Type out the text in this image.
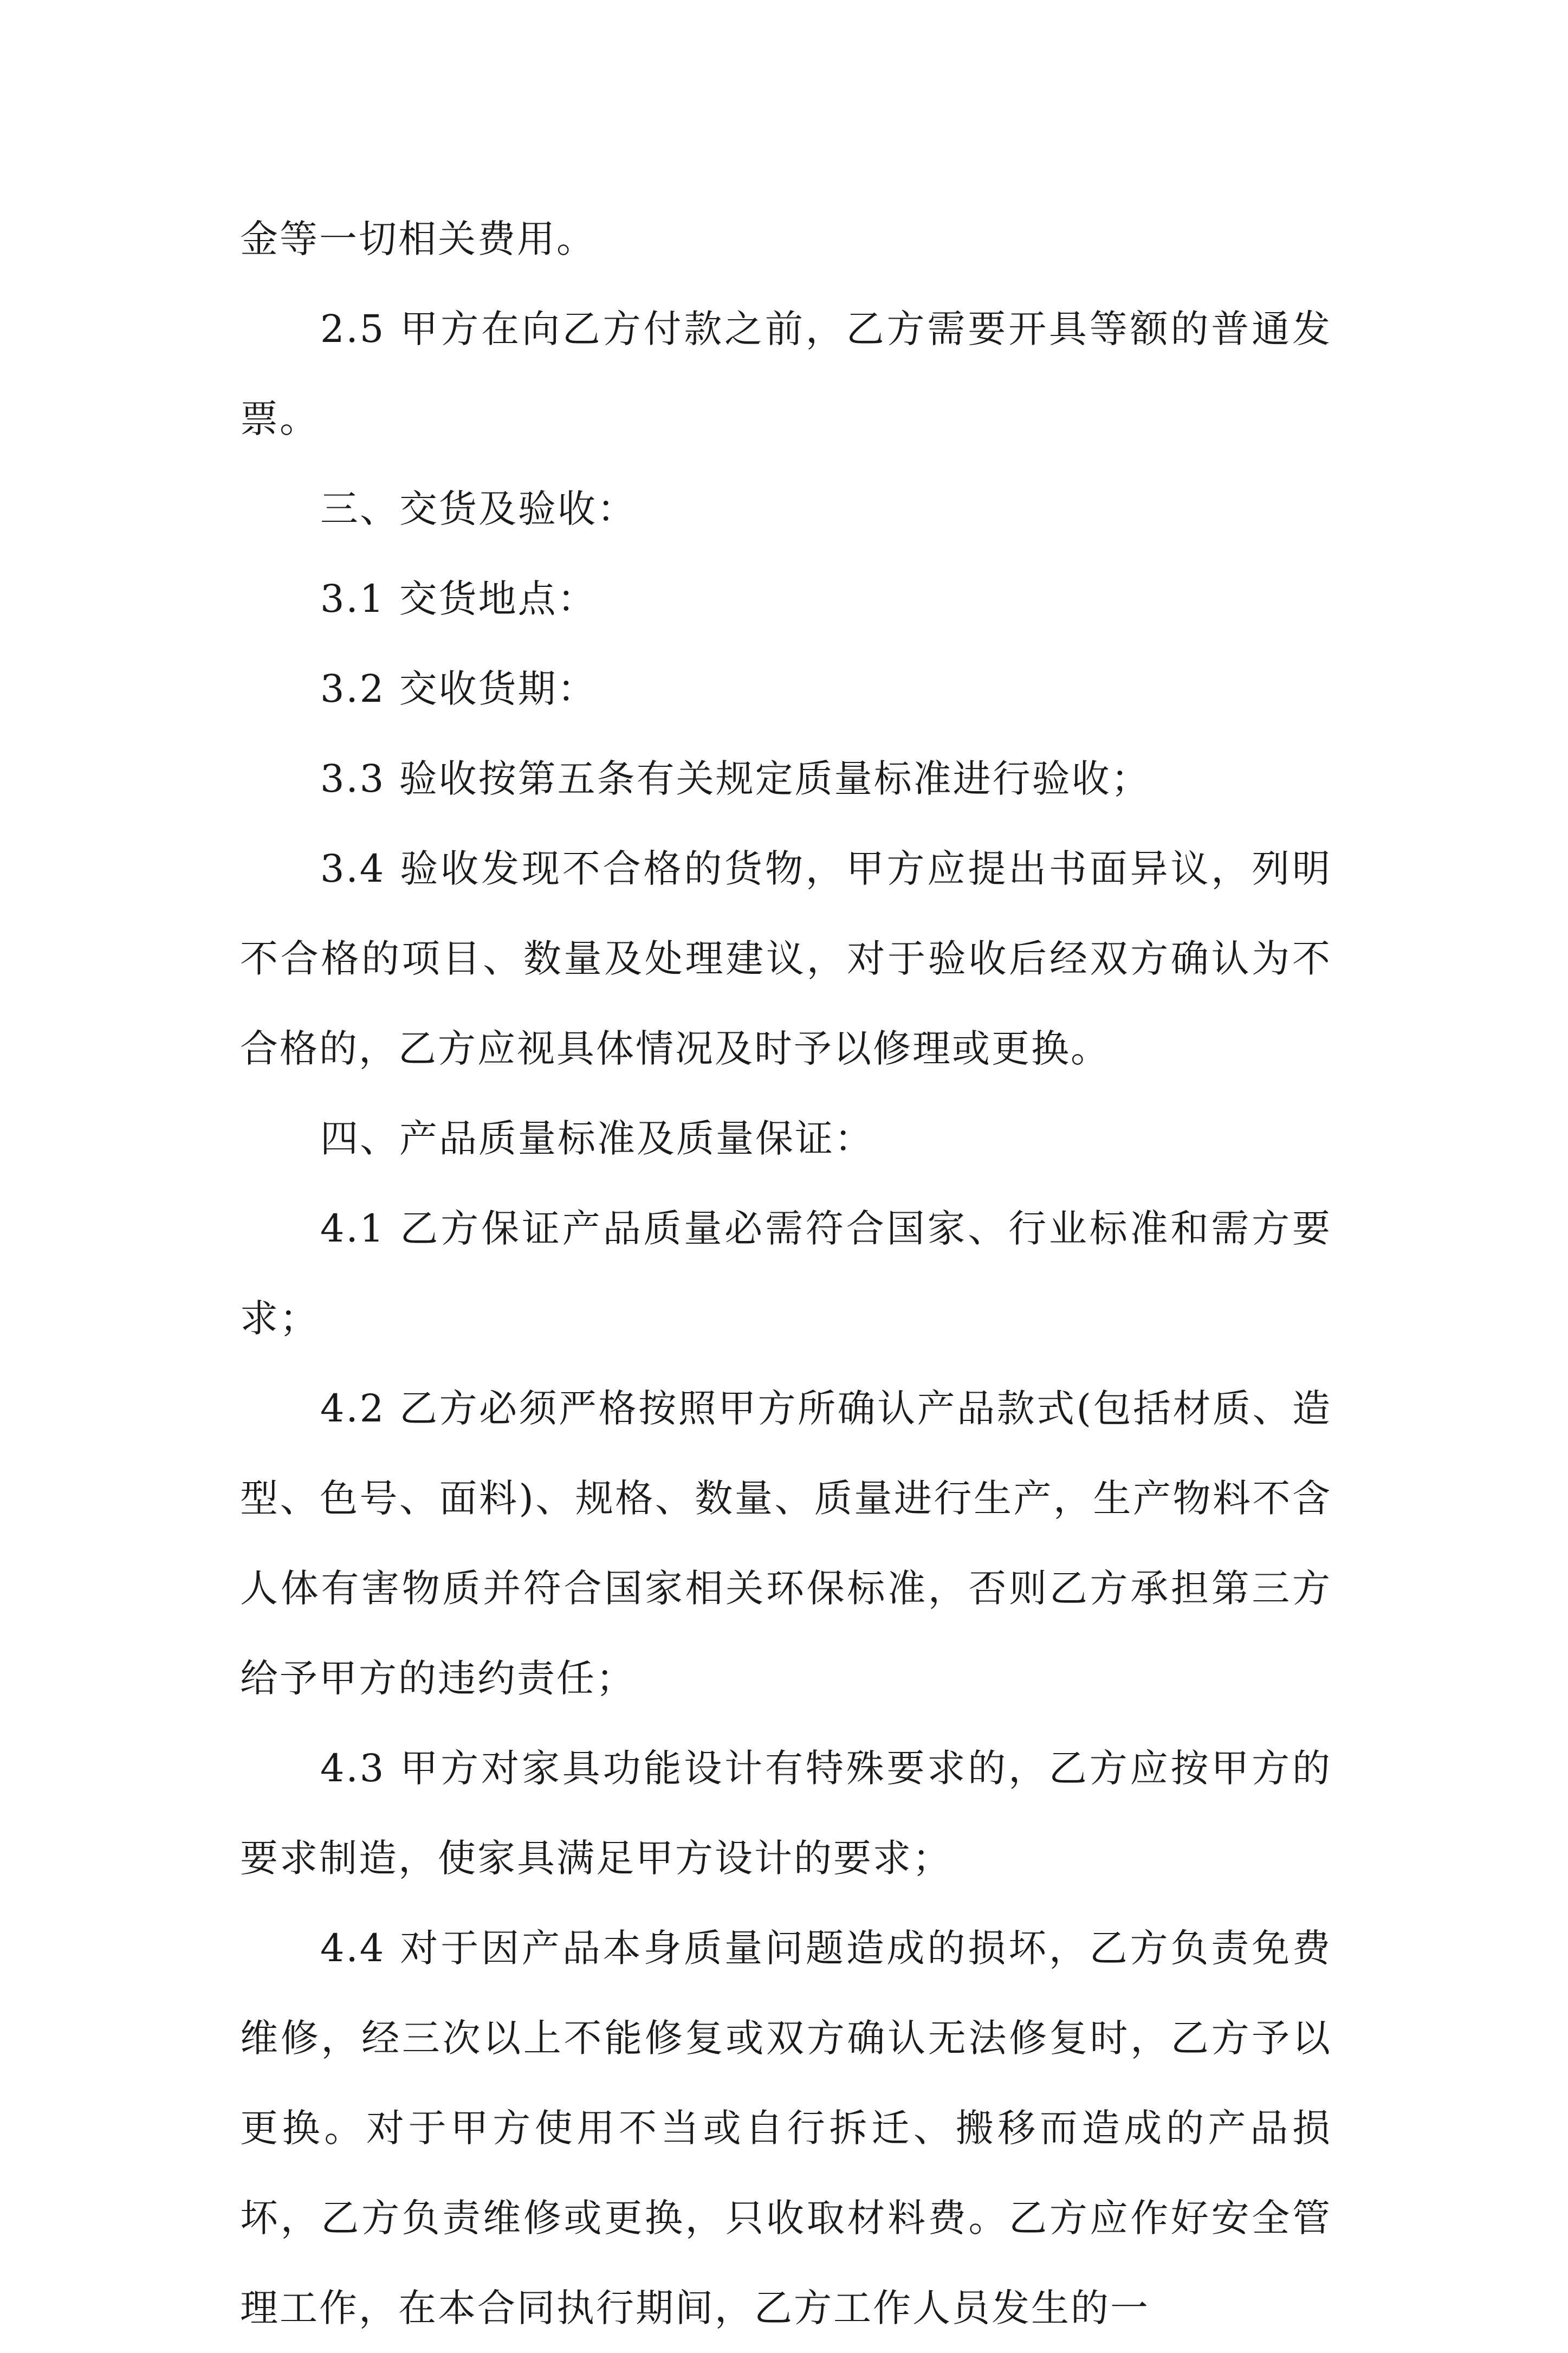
金等一切相关费用。

2.5 甲方在向乙方付款之前，乙方需要开具等额的普通发票。

三、交货及验收：

3.1 交货地点：

3.2 交收货期：

3.3 验收按第五条有关规定质量标准进行验收；

3.4 验收发现不合格的货物，甲方应提出书面异议，列明不合格的项目、数量及处理建议，对于验收后经双方确认为不合格的，乙方应视具体情况及时予以修理或更换。

四、产品质量标准及质量保证：

4.1 乙方保证产品质量必需符合国家、行业标准和需方要求；

4.2 乙方必须严格按照甲方所确认产品款式(包括材质、造型、色号、面料)、规格、数量、质量进行生产，生产物料不含人体有害物质并符合国家相关环保标准，否则乙方承担第三方给予甲方的违约责任；

4.3 甲方对家具功能设计有特殊要求的，乙方应按甲方的要求制造，使家具满足甲方设计的要求；

4.4 对于因产品本身质量问题造成的损坏，乙方负责免费维修，经三次以上不能修复或双方确认无法修复时，乙方予以更换。对于甲方使用不当或自行拆迁、搬移而造成的产品损坏，乙方负责维修或更换，只收取材料费。乙方应作好安全管理工作，在本合同执行期间，乙方工作人员发生的一
